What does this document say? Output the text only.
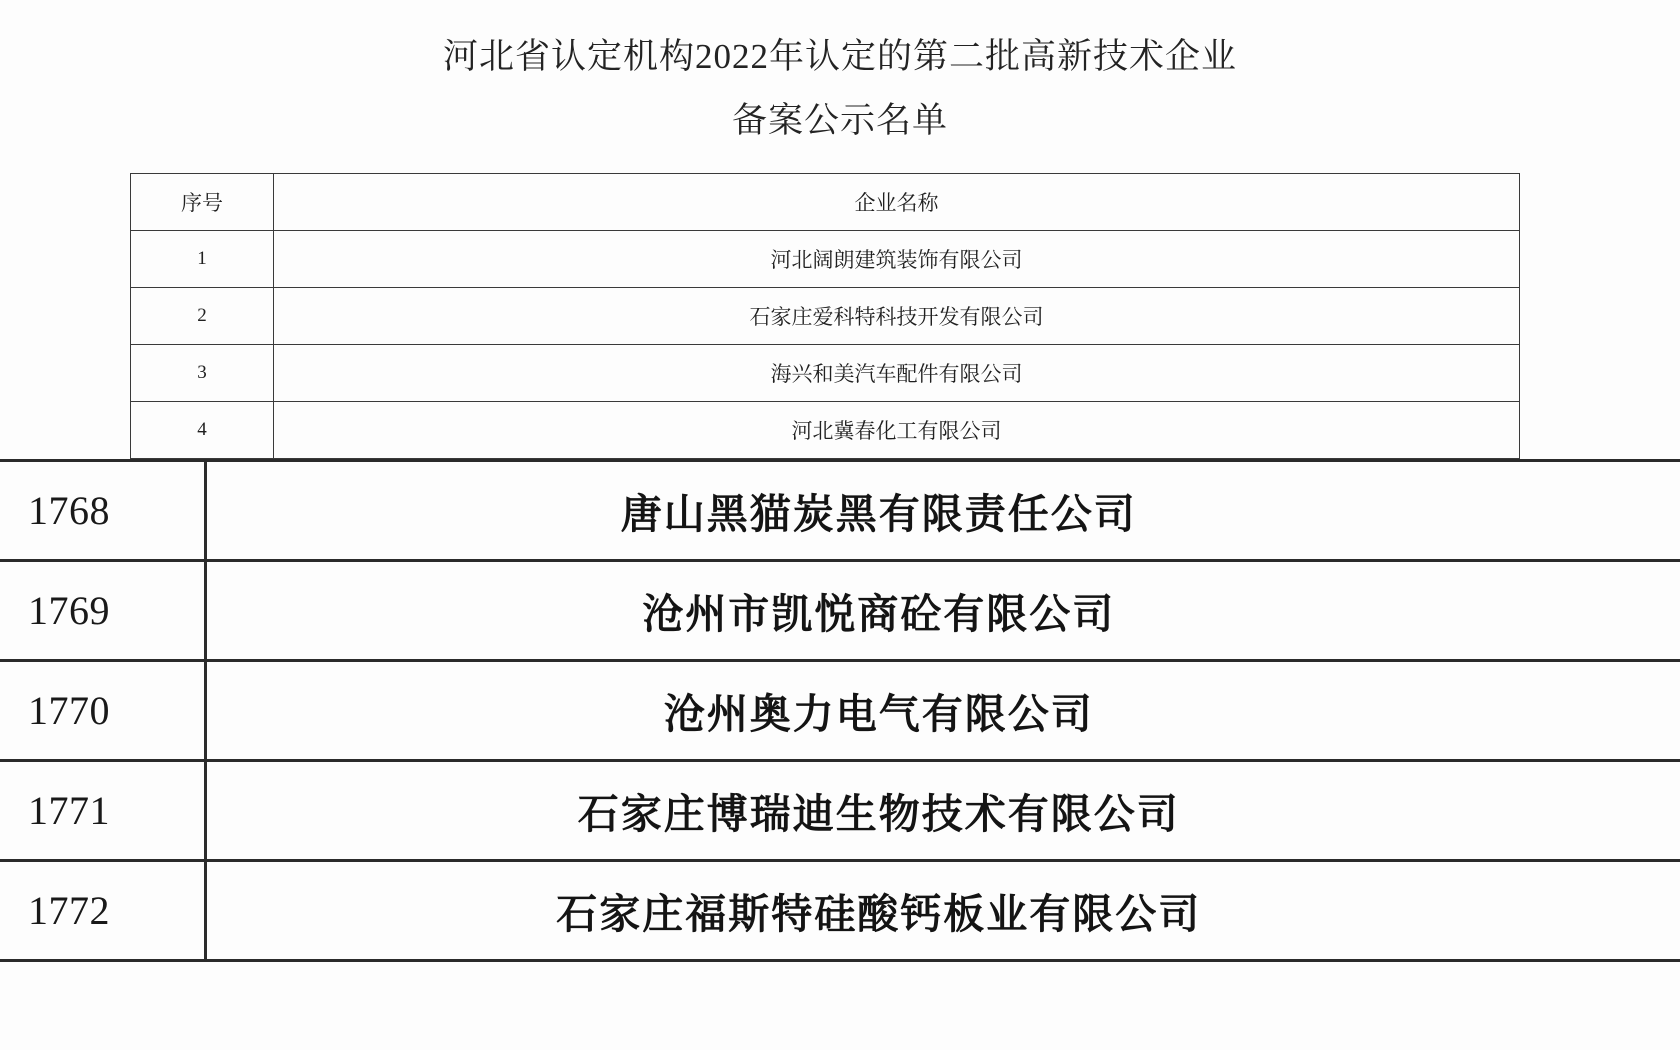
河北省认定机构2022年认定的第二批高新技术企业
备案公示名单
序号	企业名称
1	河北阔朗建筑装饰有限公司
2	石家庄爱科特科技开发有限公司
3	海兴和美汽车配件有限公司
4	河北冀春化工有限公司
1768	唐山黑猫炭黑有限责任公司
1769	沧州市凯悦商砼有限公司
1770	沧州奥力电气有限公司
1771	石家庄博瑞迪生物技术有限公司
1772	石家庄福斯特硅酸钙板业有限公司
